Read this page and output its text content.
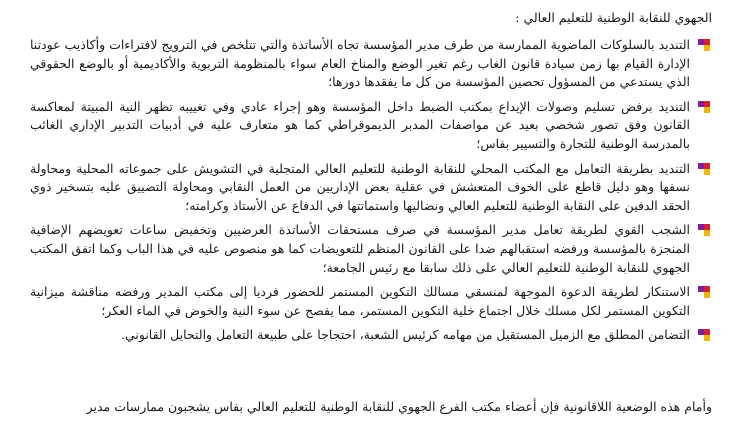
الجهوي للنقابة الوطنية للتعليم العالي :
التنديد بالسلوكات الماضوية الممارسة من طرف مدير المؤسسة تجاه الأساتذة والتي تتلخص في الترويج لافتراءات وأكاذيب عودتنا الإدارة القيام بها زمن سيادة قانون الغاب رغم تغير الوضع والمناخ العام سواء بالمنظومة التربوية والأكاديمية أو بالوضع الحقوقي الذي يستدعي من المسؤول تحصين المؤسسة من كل ما يفقدها دورها؛
التنديد برفض تسليم وصولات الإيداع بمكتب الضبط داخل المؤسسة وهو إجراء عادي وفي تغييبه تظهر النية المبيتة لمعاكسة القانون وفق تصور شخصي بعيد عن مواصفات المدبر الديموقراطي كما هو متعارف عليه في أدبيات التدبير الإداري الغائب بالمدرسة الوطنية للتجارة والتسيير بفاس؛
التنديد بطريقة التعامل مع المكتب المحلي للنقابة الوطنية للتعليم العالي المتجلية في التشويش على جموعاته المحلية ومحاولة نسفها وهو دليل قاطع على الخوف المتعشش في عقلية بعض الإداريين من العمل النقابي ومحاولة التضييق عليه بتسخير ذوي الحقد الدفين على النقابة الوطنية للتعليم العالي ونضاليها واستماتتها في الدفاع عن الأستاذ وكرامته؛
الشجب القوي لطريقة تعامل مدير المؤسسة في صرف مستحقات الأساتذة العرضيين وتخفيض ساعات تعويضهم الإضافية المنجزة بالمؤسسة ورفضه استقبالهم ضدا على القانون المنظم للتعويضات كما هو منصوص عليه في هذا الباب وكما اتفق المكتب الجهوي للنقابة الوطنية للتعليم العالي على ذلك سابقا مع رئيس الجامعة؛
الاستنكار لطريقة الدعوة الموجهة لمنسقي مسالك التكوين المستمر للحضور فرديا إلى مكتب المدير ورفضه مناقشة ميزانية التكوين المستمر لكل مسلك خلال اجتماع خلية التكوين المستمر، مما يفصح عن سوء النية والخوض في الماء العكر؛
التضامن المطلق مع الزميل المستقيل من مهامه كرئيس الشعبة، احتجاجا على طبيعة التعامل والتحايل القانوني.
وأمام هذه الوضعية اللاقانونية فإن أعضاء مكتب الفرع الجهوي للنقابة الوطنية للتعليم العالي بفاس يشجبون ممارسات مدير
